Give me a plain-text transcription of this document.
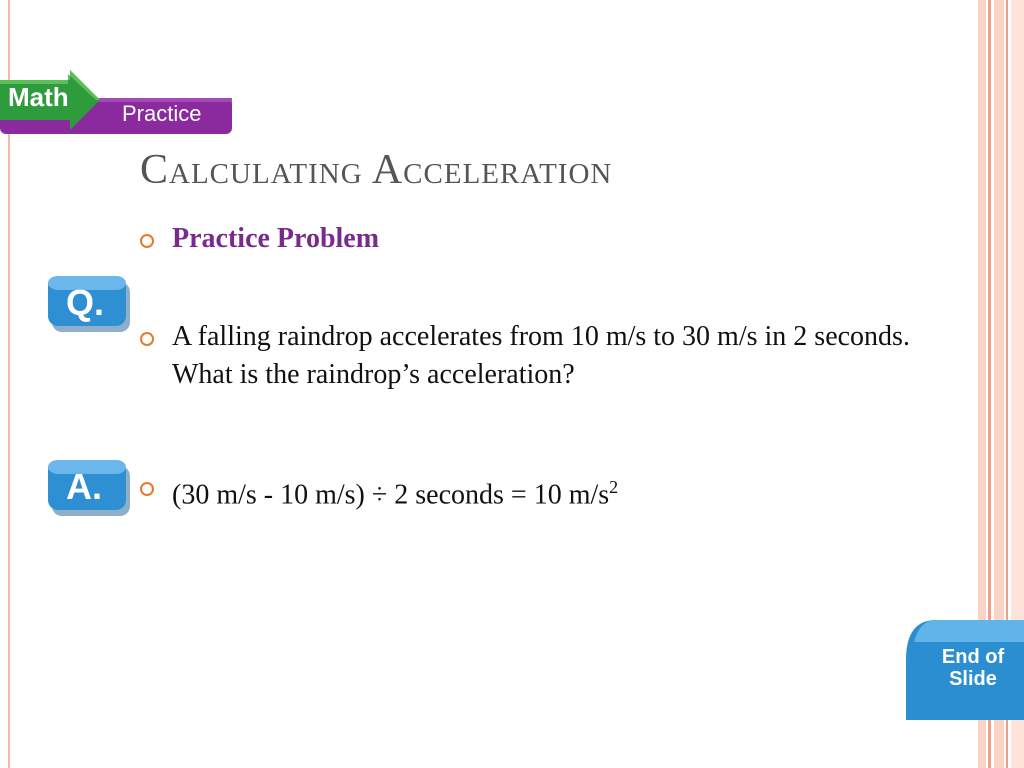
Math
Practice
Calculating Acceleration
Practice Problem
Q.
A falling raindrop accelerates from 10 m/s to 30 m/s in 2 seconds. What is the raindrop’s acceleration?
A.	(30 m/s - 10 m/s) ÷ 2 seconds = 10 $m/s^2$
End of
Slide
